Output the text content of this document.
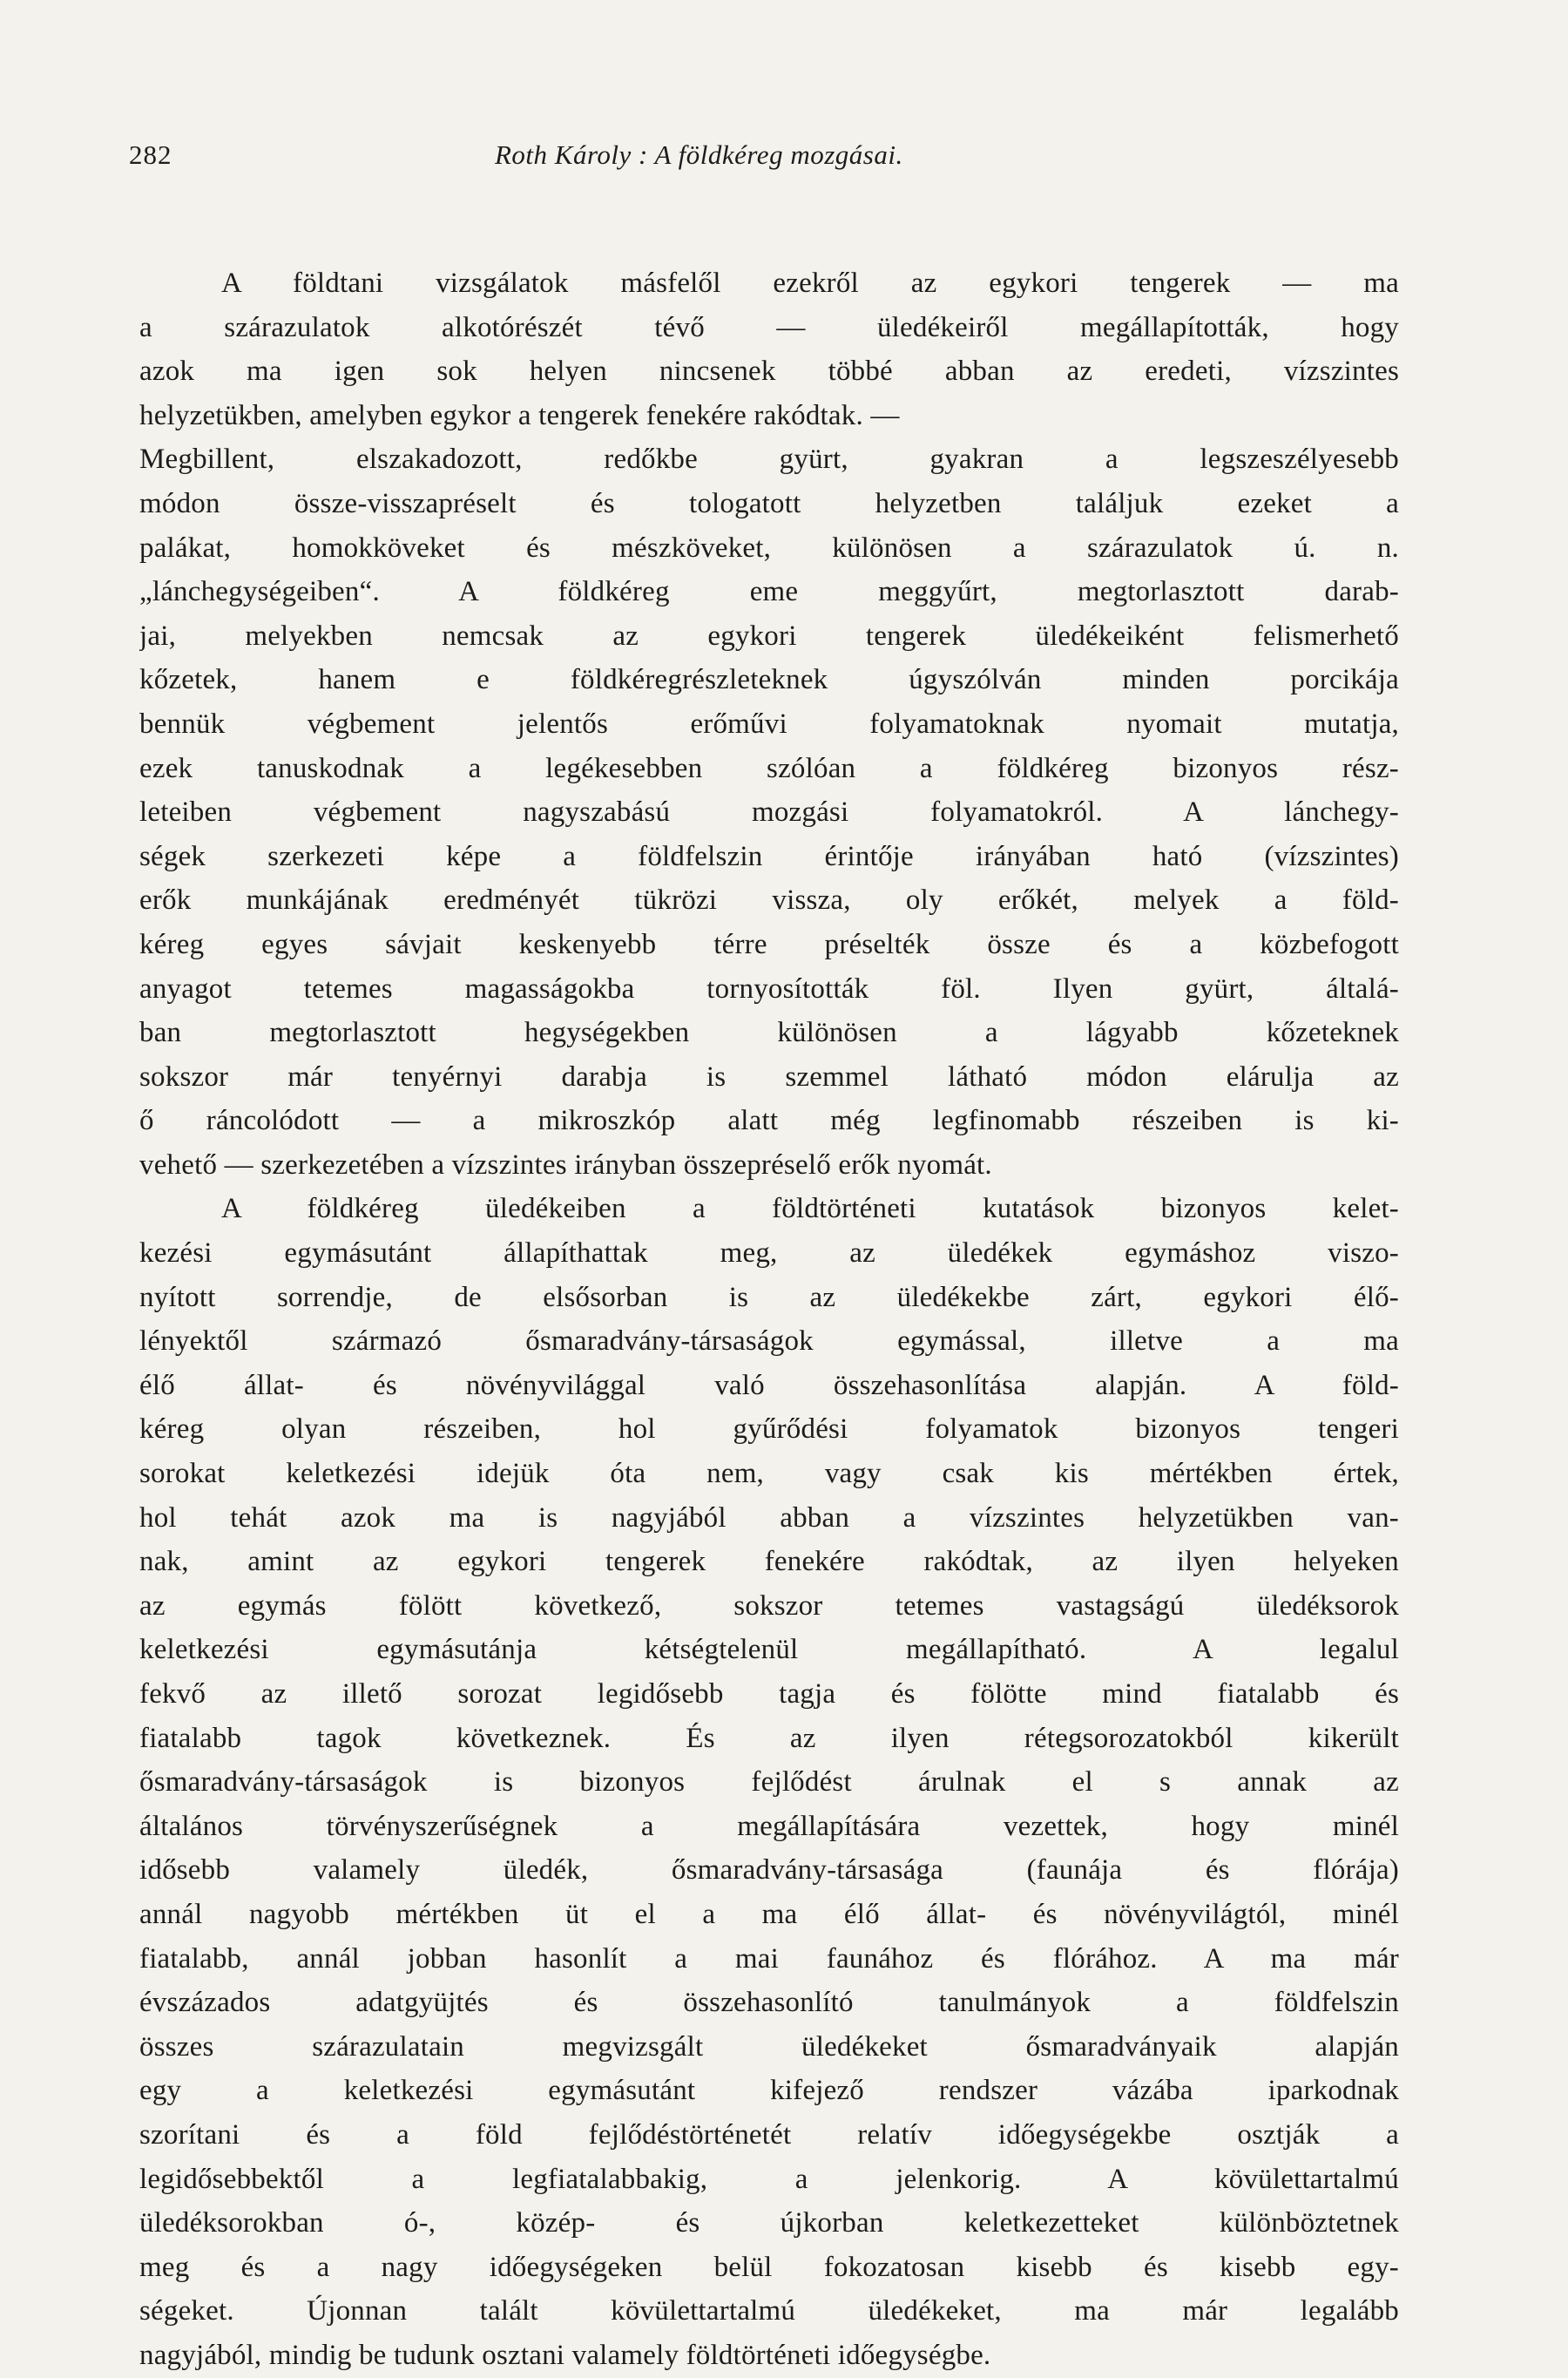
282	Roth Károly : A földkéreg mozgásai.
A földtani vizsgálatok másfelől ezekről az egykori tengerek — ma
a szárazulatok alkotórészét tévő — üledékeiről megállapították, hogy
azok ma igen sok helyen nincsenek többé abban az eredeti, vízszintes
helyzetükben, amelyben egykor a tengerek fenekére rakódtak. —
Megbillent, elszakadozott, redőkbe gyürt, gyakran a legszeszélyesebb
módon össze-visszapréselt és tologatott helyzetben találjuk ezeket a
palákat, homokköveket és mészköveket, különösen a szárazulatok ú. n.
„lánchegységeiben“. A földkéreg eme meggyűrt, megtorlasztott darab-
jai, melyekben nemcsak az egykori tengerek üledékeiként felismerhető
kőzetek, hanem e földkéregrészleteknek úgyszólván minden porcikája
bennük végbement jelentős erőművi folyamatoknak nyomait mutatja,
ezek tanuskodnak a legékesebben szólóan a földkéreg bizonyos rész-
leteiben végbement nagyszabású mozgási folyamatokról. A lánchegy-
ségek szerkezeti képe a földfelszin érintője irányában ható (vízszintes)
erők munkájának eredményét tükrözi vissza, oly erőkét, melyek a föld-
kéreg egyes sávjait keskenyebb térre préselték össze és a közbefogott
anyagot tetemes magasságokba tornyosították föl. Ilyen gyürt, általá-
ban megtorlasztott hegységekben különösen a lágyabb kőzeteknek
sokszor már tenyérnyi darabja is szemmel látható módon elárulja az
ő ráncolódott — a mikroszkóp alatt még legfinomabb részeiben is ki-
vehető — szerkezetében a vízszintes irányban összepréselő erők nyomát.
A földkéreg üledékeiben a földtörténeti kutatások bizonyos kelet-
kezési egymásutánt állapíthattak meg, az üledékek egymáshoz viszo-
nyított sorrendje, de elsősorban is az üledékekbe zárt, egykori élő-
lényektől származó ősmaradvány-társaságok egymással, illetve a ma
élő állat- és növényvilággal való összehasonlítása alapján. A föld-
kéreg olyan részeiben, hol gyűrődési folyamatok bizonyos tengeri
sorokat keletkezési idejük óta nem, vagy csak kis mértékben értek,
hol tehát azok ma is nagyjából abban a vízszintes helyzetükben van-
nak, amint az egykori tengerek fenekére rakódtak, az ilyen helyeken
az egymás fölött következő, sokszor tetemes vastagságú üledéksorok
keletkezési egymásutánja kétségtelenül megállapítható. A legalul
fekvő az illető sorozat legidősebb tagja és fölötte mind fiatalabb és
fiatalabb tagok következnek. És az ilyen rétegsorozatokból kikerült
ősmaradvány-társaságok is bizonyos fejlődést árulnak el s annak az
általános törvényszerűségnek a megállapítására vezettek, hogy minél
idősebb valamely üledék, ősmaradvány-társasága (faunája és flórája)
annál nagyobb mértékben üt el a ma élő állat- és növényvilágtól, minél
fiatalabb, annál jobban hasonlít a mai faunához és flórához. A ma már
évszázados adatgyüjtés és összehasonlító tanulmányok a földfelszin
összes szárazulatain megvizsgált üledékeket ősmaradványaik alapján
egy a keletkezési egymásutánt kifejező rendszer vázába iparkodnak
szorítani és a föld fejlődéstörténetét relatív időegységekbe osztják a
legidősebbektől a legfiatalabbakig, a jelenkorig. A kövülettartalmú
üledéksorokban ó-, közép- és újkorban keletkezetteket különböztetnek
meg és a nagy időegységeken belül fokozatosan kisebb és kisebb egy-
ségeket. Újonnan talált kövülettartalmú üledékeket, ma már legalább
nagyjából, mindig be tudunk osztani valamely földtörténeti időegységbe.
